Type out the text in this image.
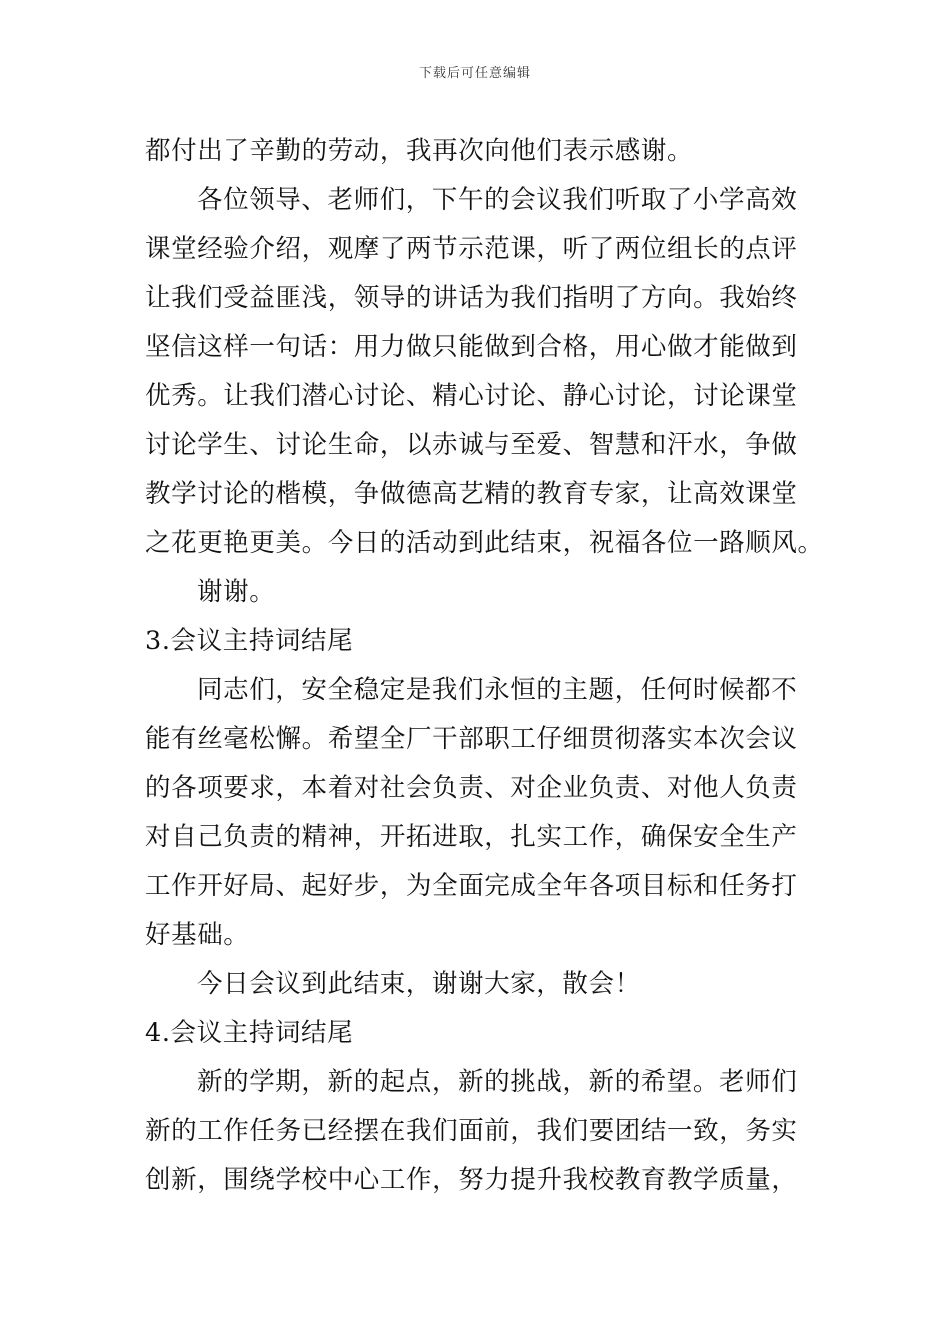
下载后可任意编辑
都付出了辛勤的劳动，我再次向他们表示感谢。
各位领导、老师们，下午的会议我们听取了小学高效
课堂经验介绍，观摩了两节示范课，听了两位组长的点评
让我们受益匪浅，领导的讲话为我们指明了方向。我始终
坚信这样一句话：用力做只能做到合格，用心做才能做到
优秀。让我们潜心讨论、精心讨论、静心讨论，讨论课堂
讨论学生、讨论生命，以赤诚与至爱、智慧和汗水，争做
教学讨论的楷模，争做德高艺精的教育专家，让高效课堂
之花更艳更美。今日的活动到此结束，祝福各位一路顺风。
谢谢。
3.会议主持词结尾
同志们，安全稳定是我们永恒的主题，任何时候都不
能有丝毫松懈。希望全厂干部职工仔细贯彻落实本次会议
的各项要求，本着对社会负责、对企业负责、对他人负责
对自己负责的精神，开拓进取，扎实工作，确保安全生产
工作开好局、起好步，为全面完成全年各项目标和任务打
好基础。
今日会议到此结束，谢谢大家，散会！
4.会议主持词结尾
新的学期，新的起点，新的挑战，新的希望。老师们
新的工作任务已经摆在我们面前，我们要团结一致，务实
创新，围绕学校中心工作，努力提升我校教育教学质量，
